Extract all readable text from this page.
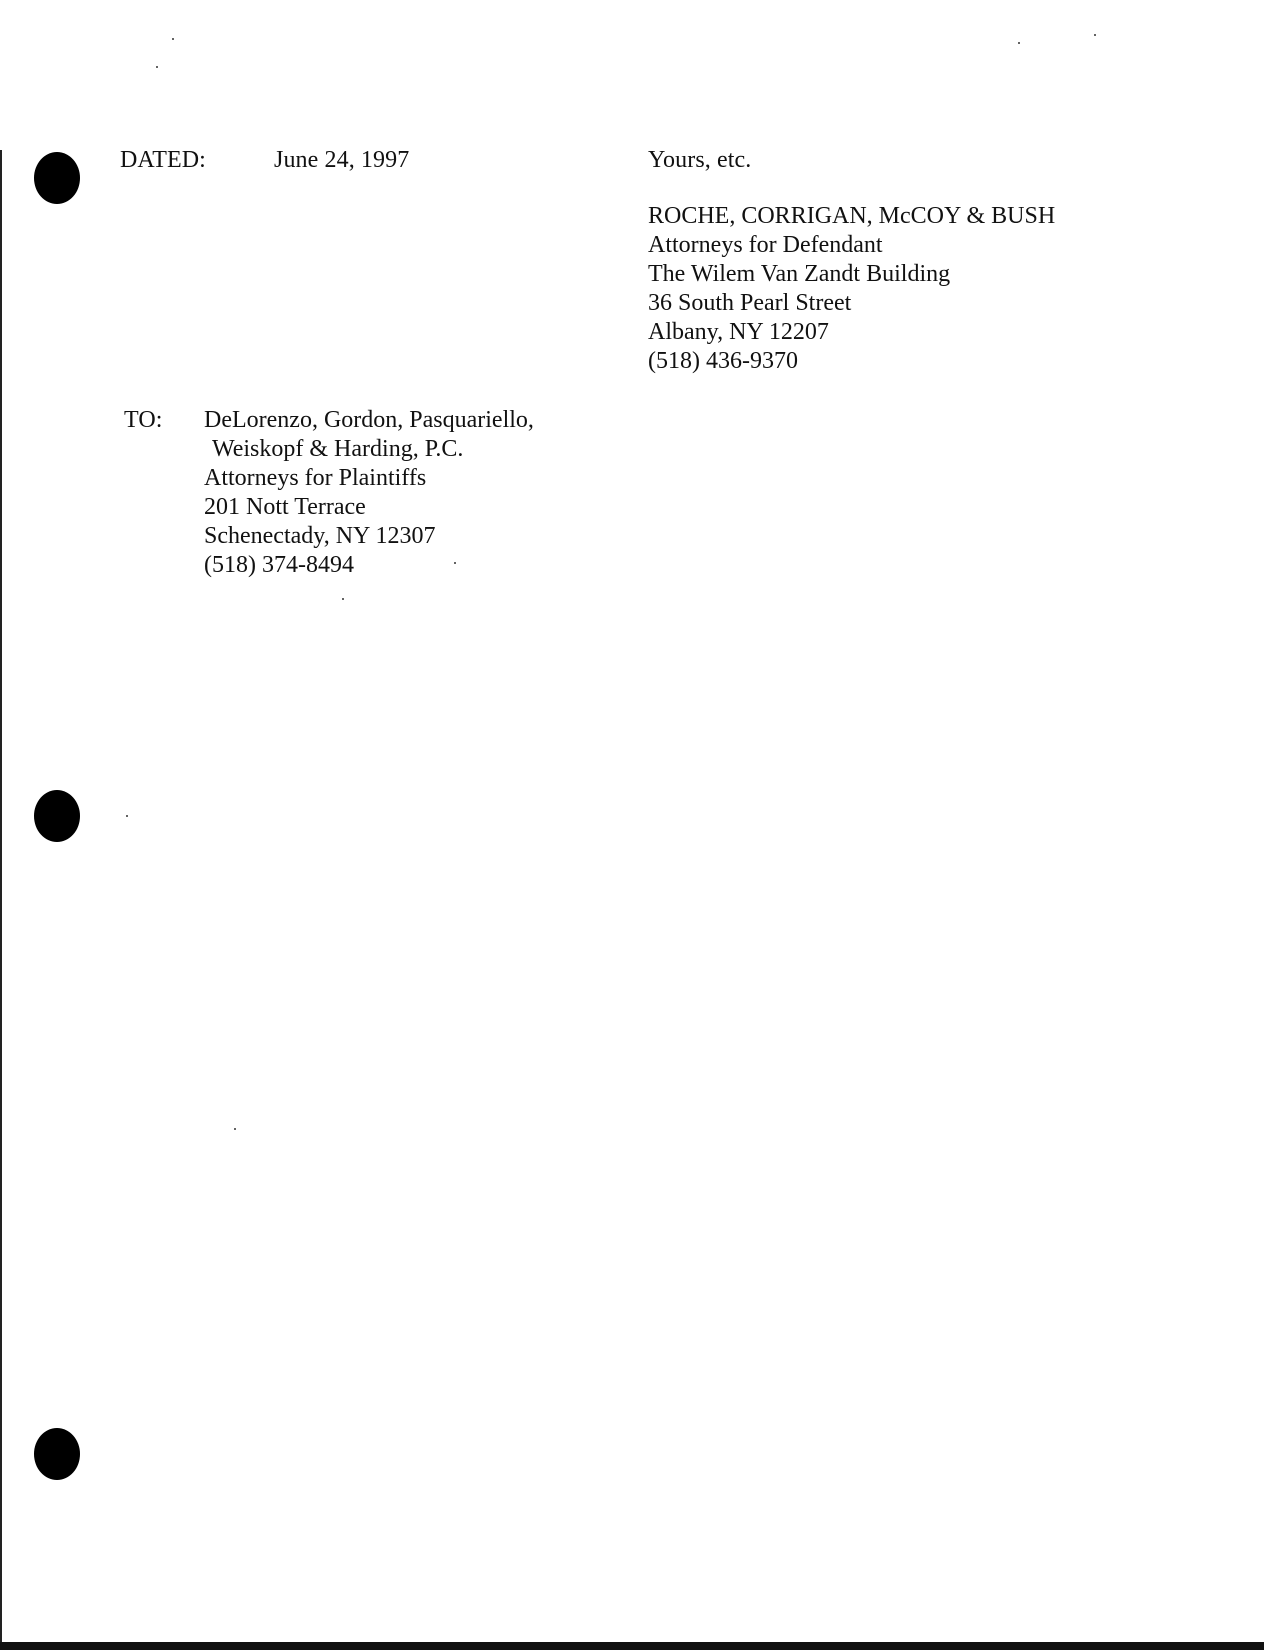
DATED:	June 24, 1997	Yours, etc.
ROCHE, CORRIGAN, McCOY & BUSH
Attorneys for Defendant
The Wilem Van Zandt Building
36 South Pearl Street
Albany, NY 12207
(518) 436-9370
TO: DeLorenzo, Gordon, Pasquariello,
Weiskopf & Harding, P.C.
Attorneys for Plaintiffs
201 Nott Terrace
Schenectady, NY 12307
(518) 374-8494
